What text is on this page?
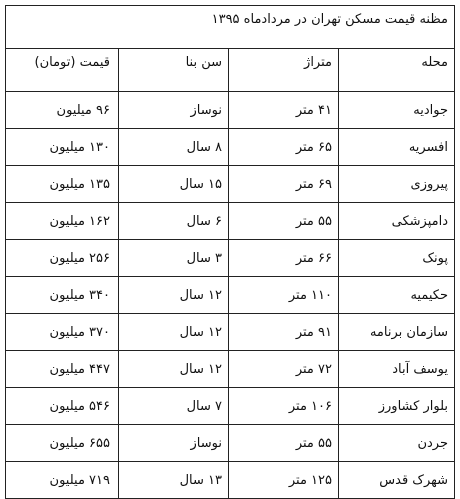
مظنه قیمت مسکن تهران در مردادماه ۱۳۹۵			
محله	متراژ	سن بنا	قیمت (تومان)
جوادیه	۴۱ متر	نوساز	۹۶ میلیون
افسریه	۶۵ متر	۸ سال	۱۳۰ میلیون
پیروزی	۶۹ متر	۱۵ سال	۱۳۵ میلیون
دامپزشکی	۵۵ متر	۶ سال	۱۶۲ میلیون
پونک	۶۶ متر	۳ سال	۲۵۶ میلیون
حکیمیه	۱۱۰ متر	۱۲ سال	۳۴۰ میلیون
سازمان برنامه	۹۱ متر	۱۲ سال	۳۷۰ میلیون
یوسف آباد	۷۲ متر	۱۲ سال	۴۴۷ میلیون
بلوار کشاورز	۱۰۶ متر	۷ سال	۵۴۶ میلیون
جردن	۵۵ متر	نوساز	۶۵۵ میلیون
شهرک قدس	۱۲۵ متر	۱۳ سال	۷۱۹ میلیون
